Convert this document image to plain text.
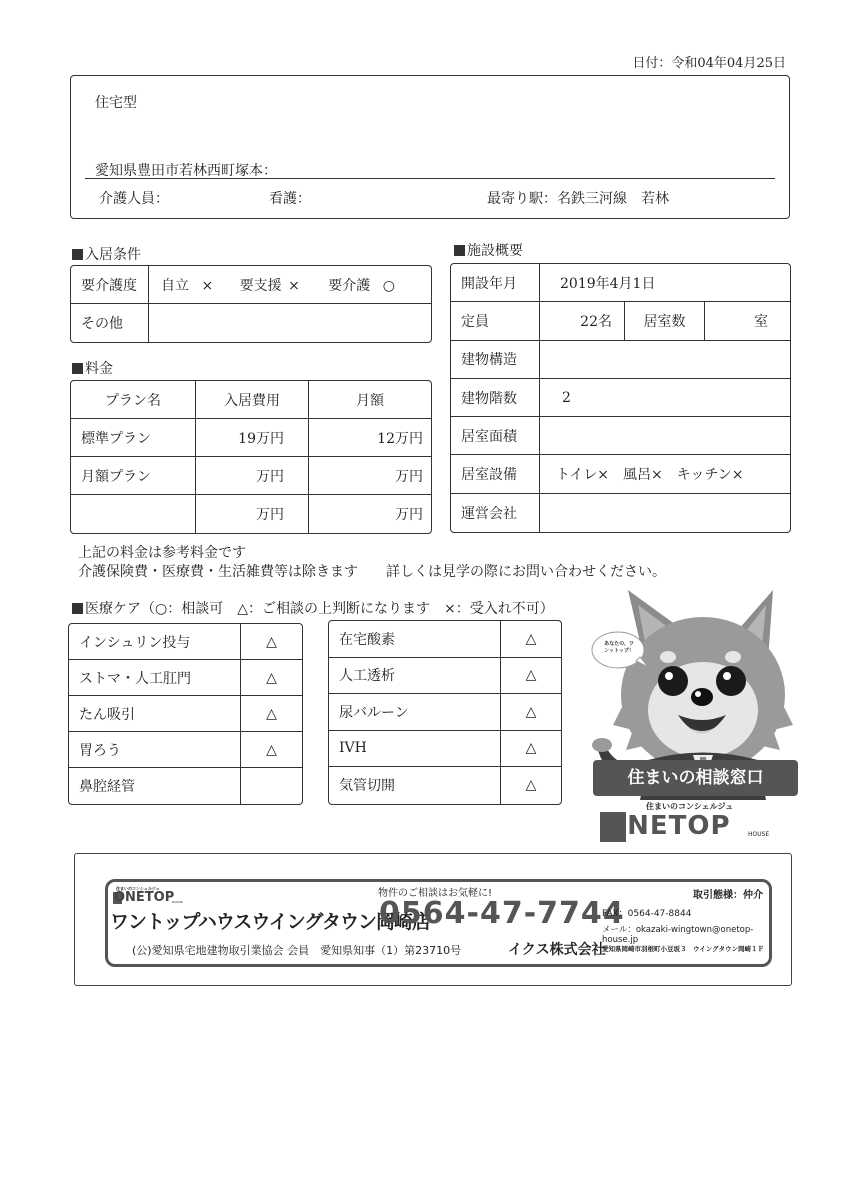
日付：令和04年04月25日
住宅型
愛知県豊田市若林西町塚本：
介護人員：	看護：	最寄り駅：名鉄三河線　若林
入居条件
要介護度	自立 × 要支援 × 要介護 ○
その他	
料金
プラン名	入居費用	月額
標準プラン	19万円	12万円
月額プラン	万円	万円
	万円	万円
上記の料金は参考料金です
介護保険費・医療費・生活雑費等は除きます　　詳しくは見学の際にお問い合わせください。
施設概要
開設年月	2019年4月1日		
定員	22名	居室数	室
建物構造			
建物階数	2		
居室面積			
居室設備	トイレ×　風呂×　キッチン×		
運営会社			
医療ケア（○：相談可　△：ご相談の上判断になります　×：受入れ不可）
インシュリン投与	△
ストマ・人工肛門	△
たん吸引	△
胃ろう	△
鼻腔経管	
在宅酸素	△
人工透析	△
尿バルーン	△
IVH	△
気管切開	△
あなたの、ワンットップ！
住まいの相談窓口
住まいのコンシェルジュ
ONETOP	HOUSE
住まいのコンシェルジュ
ONETOP
HOUSE
ワントップハウスウイングタウン岡崎店
物件のご相談はお気軽に!
0564-47-7744
取引態様：仲介
FAX：0564-47-8844
メール：okazaki-wingtown@onetop-house.jp
(公)愛知県宅地建物取引業協会 会員　愛知県知事（1）第23710号	イクス株式会社
愛知県岡崎市羽根町小豆坂３　ウイングタウン岡崎１Ｆ
